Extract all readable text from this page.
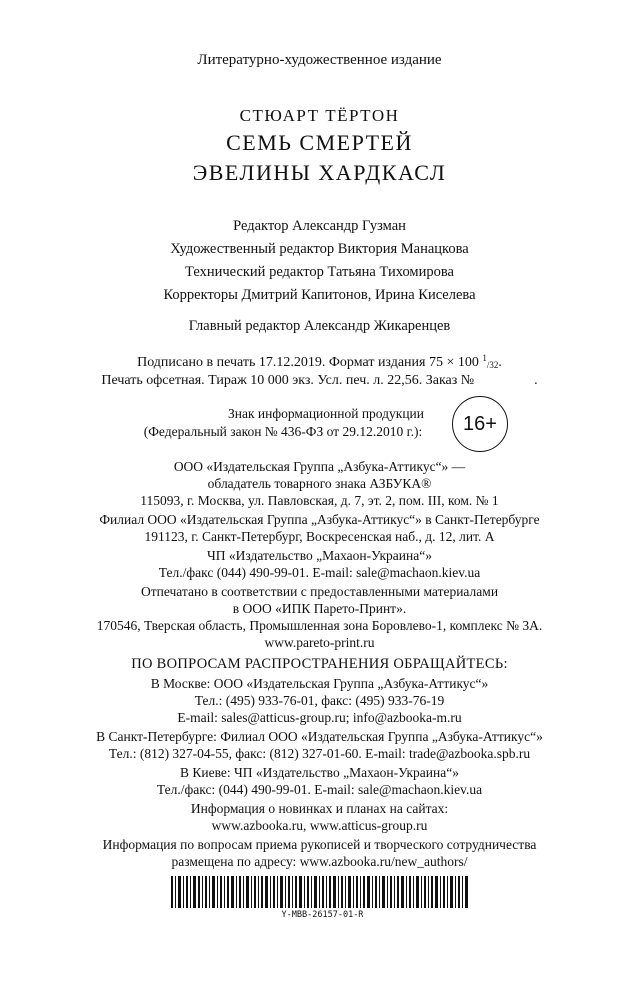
Литературно-художественное издание
СТЮАРТ ТЁРТОН
СЕМЬ СМЕРТЕЙ
ЭВЕЛИНЫ ХАРДКАСЛ
Редактор Александр Гузман
Художественный редактор Виктория Манацкова
Технический редактор Татьяна Тихомирова
Корректоры Дмитрий Капитонов, Ирина Киселева
Главный редактор Александр Жикаренцев
Подписано в печать 17.12.2019. Формат издания 75 × 100 $^1$/32.
Печать офсетная. Тираж 10 000 экз. Усл. печ. л. 22,56. Заказ №	.
Знак информационной продукции
(Федеральный закон № 436-ФЗ от 29.12.2010 г.):	16+
ООО «Издательская Группа „Азбука-Аттикус“» —
обладатель товарного знака АЗБУКА®
115093, г. Москва, ул. Павловская, д. 7, эт. 2, пом. III, ком. № 1
Филиал ООО «Издательская Группа „Азбука-Аттикус“» в Санкт-Петербурге
191123, г. Санкт-Петербург, Воскресенская наб., д. 12, лит. А
ЧП «Издательство „Махаон-Украина“»
Тел./факс (044) 490-99-01. E-mail: sale@machaon.kiev.ua
Отпечатано в соответствии с предоставленными материалами
в ООО «ИПК Парето-Принт».
170546, Тверская область, Промышленная зона Боровлево-1, комплекс № 3А.
www.pareto-print.ru
ПО ВОПРОСАМ РАСПРОСТРАНЕНИЯ ОБРАЩАЙТЕСЬ:
В Москве: ООО «Издательская Группа „Азбука-Аттикус“»
Тел.: (495) 933-76-01, факс: (495) 933-76-19
E-mail: sales@atticus-group.ru; info@azbooka-m.ru
В Санкт-Петербурге: Филиал ООО «Издательская Группа „Азбука-Аттикус“»
Тел.: (812) 327-04-55, факс: (812) 327-01-60. E-mail: trade@azbooka.spb.ru
В Киеве: ЧП «Издательство „Махаон-Украина“»
Тел./факс: (044) 490-99-01. E-mail: sale@machaon.kiev.ua
Информация о новинках и планах на сайтах:
www.azbooka.ru, www.atticus-group.ru
Информация по вопросам приема рукописей и творческого сотрудничества
размещена по адресу: www.azbooka.ru/new_authors/
Y-MBB-26157-01-R
